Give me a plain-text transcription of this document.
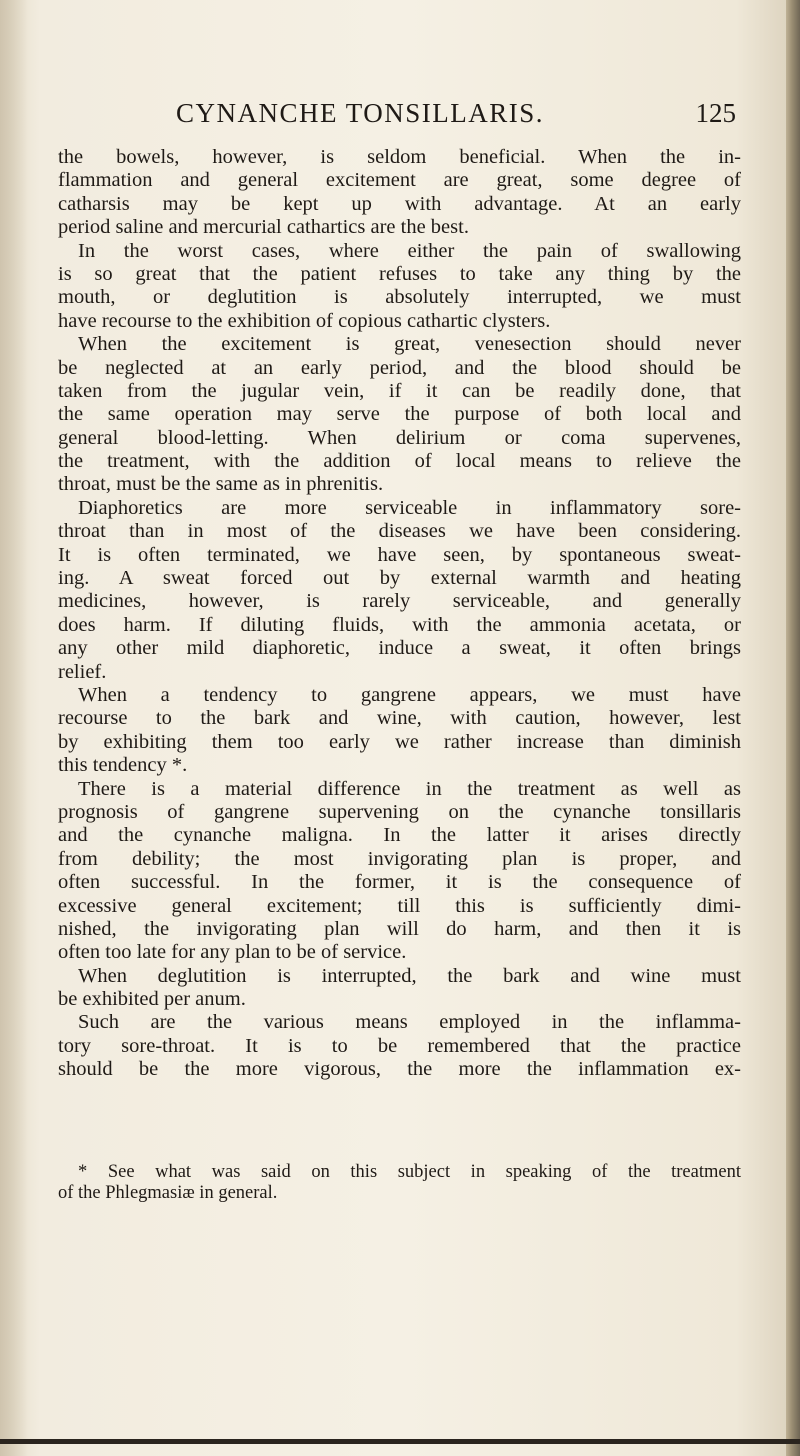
CYNANCHE TONSILLARIS.	125
the bowels, however, is seldom beneficial. When the in-
flammation and general excitement are great, some degree of
catharsis may be kept up with advantage. At an early
period saline and mercurial cathartics are the best.
In the worst cases, where either the pain of swallowing
is so great that the patient refuses to take any thing by the
mouth, or deglutition is absolutely interrupted, we must
have recourse to the exhibition of copious cathartic clysters.
When the excitement is great, venesection should never
be neglected at an early period, and the blood should be
taken from the jugular vein, if it can be readily done, that
the same operation may serve the purpose of both local and
general blood-letting. When delirium or coma supervenes,
the treatment, with the addition of local means to relieve the
throat, must be the same as in phrenitis.
Diaphoretics are more serviceable in inflammatory sore-
throat than in most of the diseases we have been considering.
It is often terminated, we have seen, by spontaneous sweat-
ing. A sweat forced out by external warmth and heating
medicines, however, is rarely serviceable, and generally
does harm. If diluting fluids, with the ammonia acetata, or
any other mild diaphoretic, induce a sweat, it often brings
relief.
When a tendency to gangrene appears, we must have
recourse to the bark and wine, with caution, however, lest
by exhibiting them too early we rather increase than diminish
this tendency *.
There is a material difference in the treatment as well as
prognosis of gangrene supervening on the cynanche tonsillaris
and the cynanche maligna. In the latter it arises directly
from debility; the most invigorating plan is proper, and
often successful. In the former, it is the consequence of
excessive general excitement; till this is sufficiently dimi-
nished, the invigorating plan will do harm, and then it is
often too late for any plan to be of service.
When deglutition is interrupted, the bark and wine must
be exhibited per anum.
Such are the various means employed in the inflamma-
tory sore-throat. It is to be remembered that the practice
should be the more vigorous, the more the inflammation ex-
* See what was said on this subject in speaking of the treatment
of the Phlegmasiæ in general.
